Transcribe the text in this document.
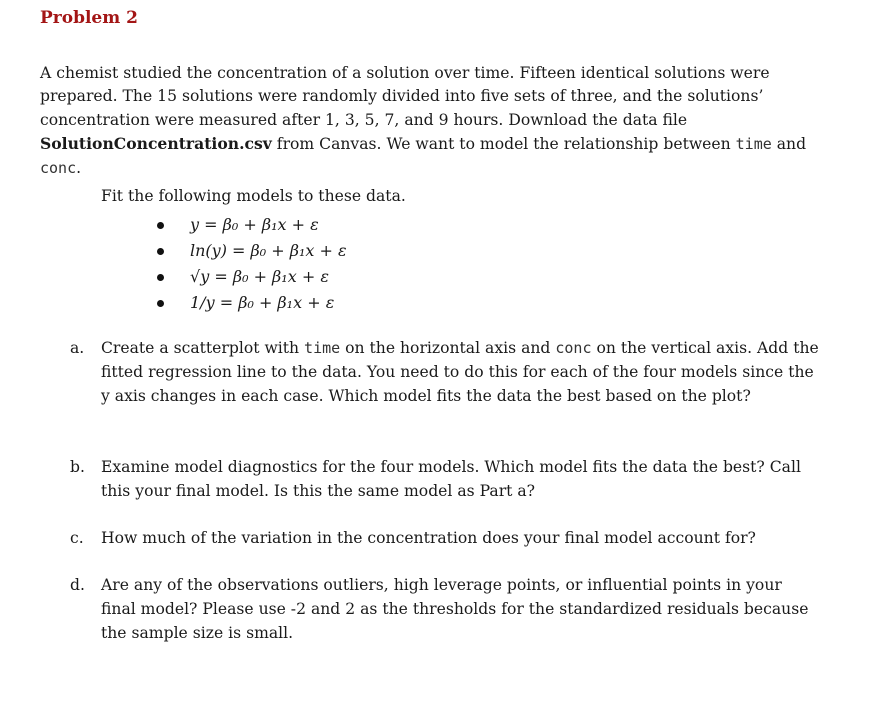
Problem 2

A chemist studied the concentration of a solution over time. Fifteen identical solutions were prepared. The 15 solutions were randomly divided into five sets of three, and the solutions’ concentration were measured after 1, 3, 5, 7, and 9 hours. Download the data file SolutionConcentration.csv from Canvas. We want to model the relationship between time and conc.

Fit the following models to these data.
y = β₀ + β₁x + ε
ln(y) = β₀ + β₁x + ε
√y = β₀ + β₁x + ε
1/y = β₀ + β₁x + ε
a.	Create a scatterplot with time on the horizontal axis and conc on the vertical axis. Add the fitted regression line to the data. You need to do this for each of the four models since the y axis changes in each case. Which model fits the data the best based on the plot?

b.	Examine model diagnostics for the four models. Which model fits the data the best? Call this your final model. Is this the same model as Part a?

c.	How much of the variation in the concentration does your final model account for?

d.	Are any of the observations outliers, high leverage points, or influential points in your final model? Please use -2 and 2 as the thresholds for the standardized residuals because the sample size is small.
